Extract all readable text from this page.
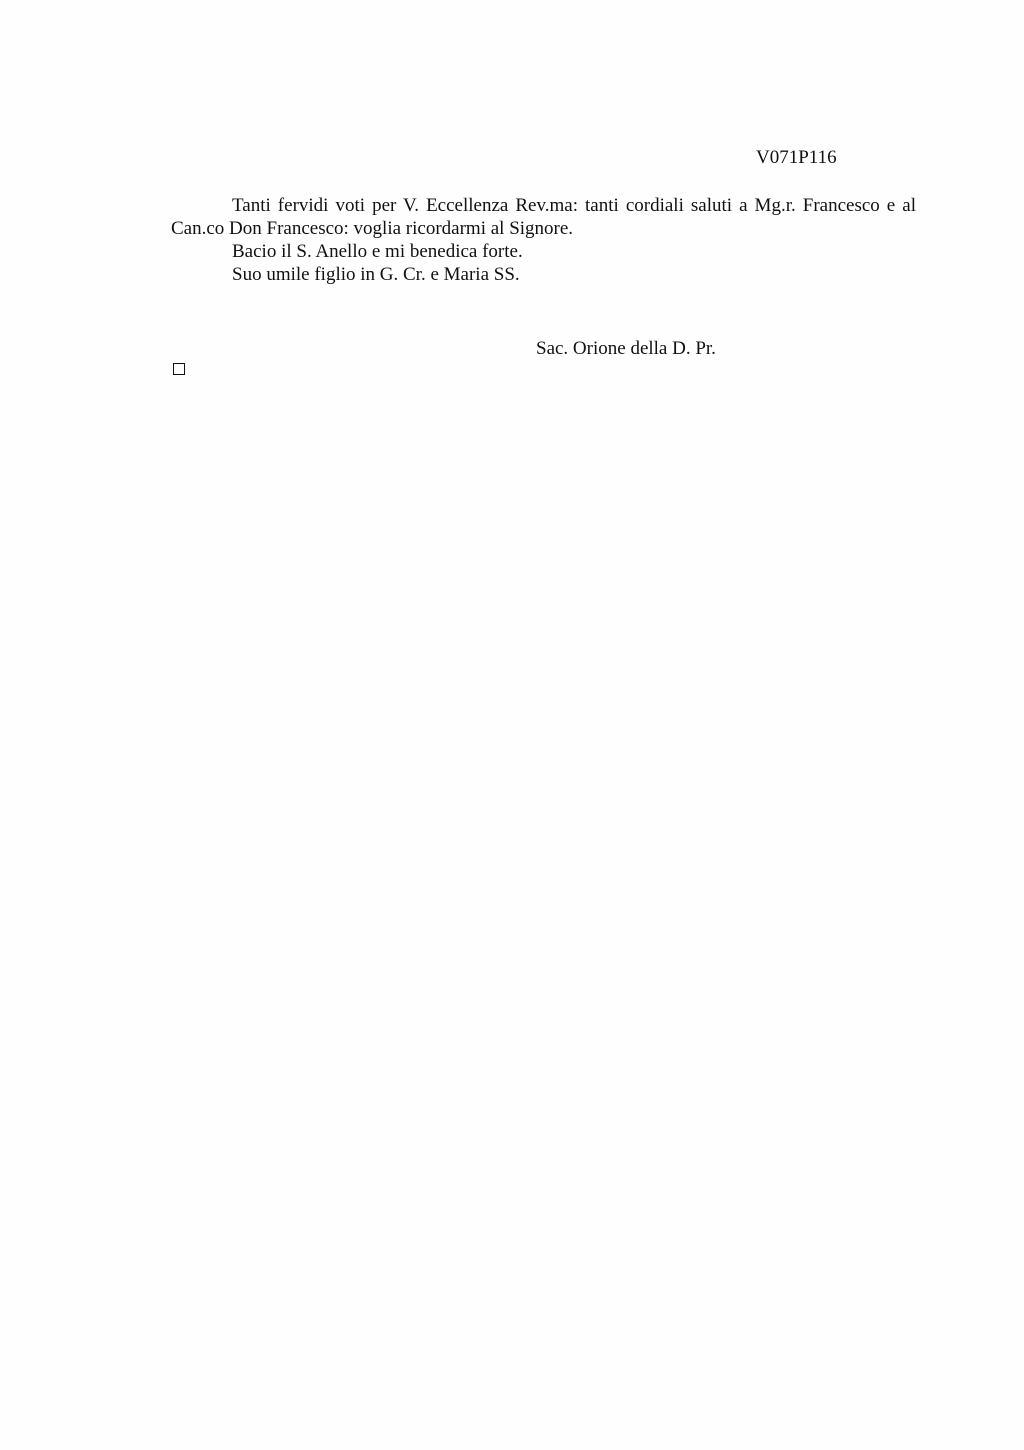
V071P116

Tanti fervidi voti per V. Eccellenza Rev.ma: tanti cordiali saluti a Mg.r. Francesco e al Can.co Don Francesco: voglia ricordarmi al Signore.

Bacio il S. Anello e mi benedica forte.

Suo umile figlio in G. Cr. e Maria SS.

Sac. Orione della D. Pr.
